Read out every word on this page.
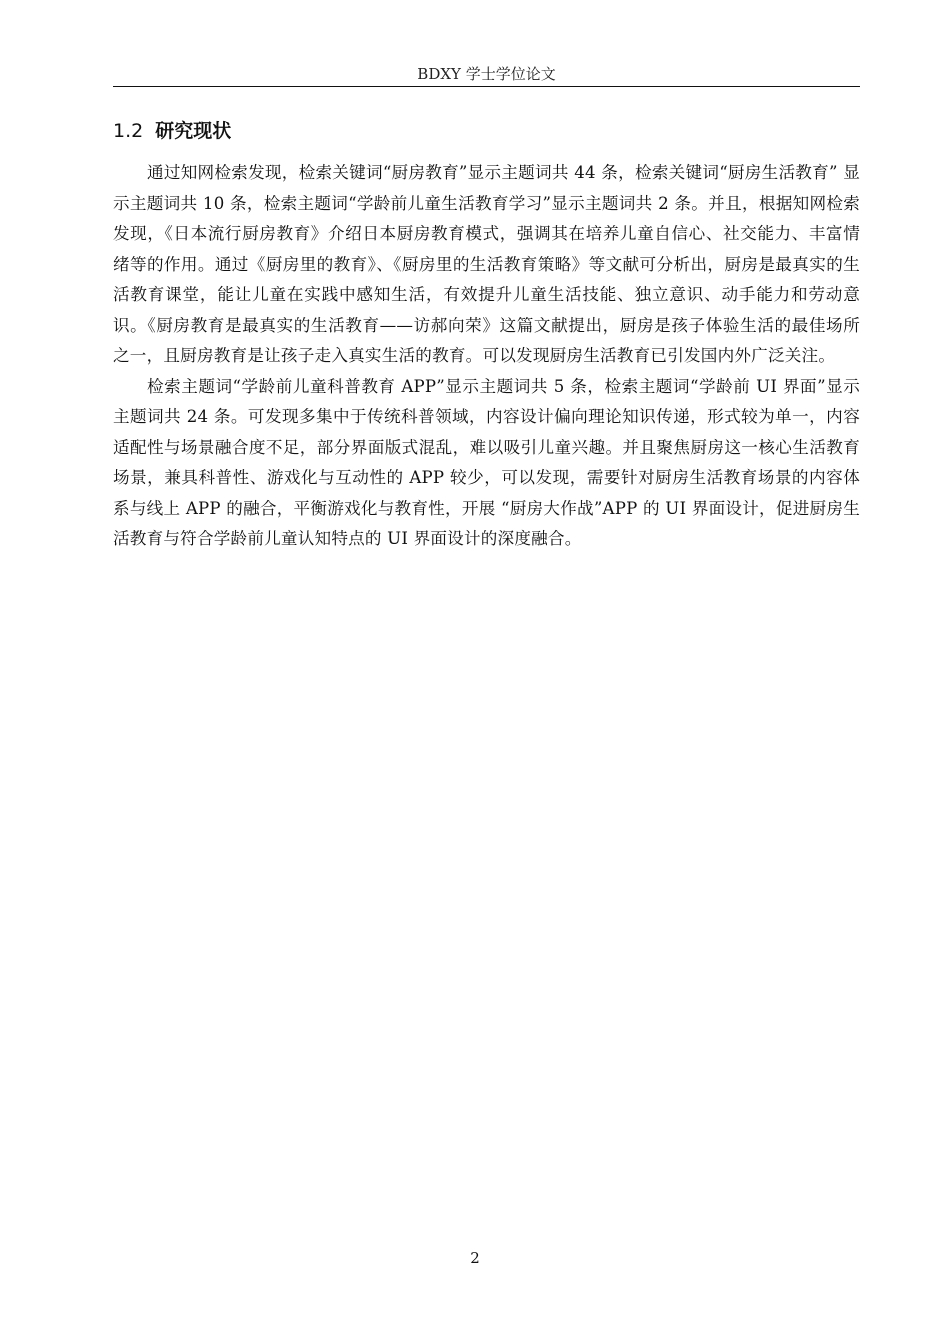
BDXY 学士学位论文
1.2 研究现状

通过知网检索发现，检索关键词“厨房教育”显示主题词共 44 条，检索关键词“厨房生活教育” 显示主题词共 10 条，检索主题词“学龄前儿童生活教育学习”显示主题词共 2 条。并且，根据知网检索发现，《日本流行厨房教育》介绍日本厨房教育模式，强调其在培养儿童自信心、社交能力、丰富情绪等的作用。通过《厨房里的教育》、《厨房里的生活教育策略》等文献可分析出，厨房是最真实的生活教育课堂，能让儿童在实践中感知生活，有效提升儿童生活技能、独立意识、动手能力和劳动意识。《厨房教育是最真实的生活教育——访郝向荣》这篇文献提出，厨房是孩子体验生活的最佳场所之一，且厨房教育是让孩子走入真实生活的教育。可以发现厨房生活教育已引发国内外广泛关注。

检索主题词“学龄前儿童科普教育 APP”显示主题词共 5 条，检索主题词“学龄前 UI 界面”显示主题词共 24 条。可发现多集中于传统科普领域，内容设计偏向理论知识传递，形式较为单一，内容适配性与场景融合度不足，部分界面版式混乱，难以吸引儿童兴趣。并且聚焦厨房这一核心生活教育场景，兼具科普性、游戏化与互动性的 APP 较少，可以发现，需要针对厨房生活教育场景的内容体系与线上 APP 的融合，平衡游戏化与教育性，开展 “厨房大作战”APP 的 UI 界面设计，促进厨房生活教育与符合学龄前儿童认知特点的 UI 界面设计的深度融合。

2
